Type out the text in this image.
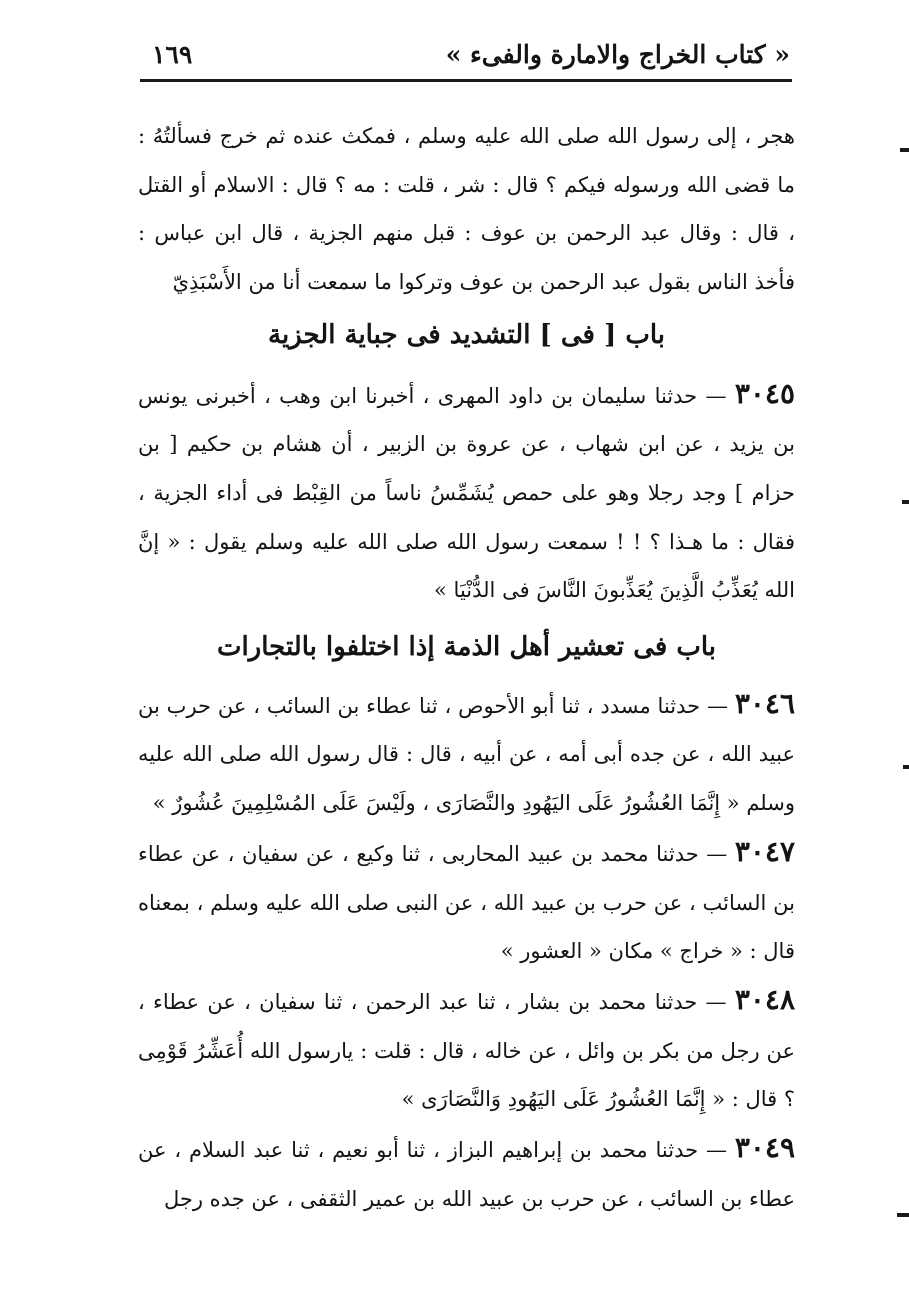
« كتاب الخراج والامارة والفىء »
١٦٩

هجر ، إلى رسول الله صلى الله عليه وسلم ، فمكث عنده ثم خرج فسألتُهُ : ما قضى الله ورسوله فيكم ؟ قال : شر ، قلت : مه ؟ قال : الاسلام أو القتل ، قال : وقال عبد الرحمن بن عوف : قبل منهم الجزية ، قال ابن عباس : فأخذ الناس بقول عبد الرحمن بن عوف وتركوا ما سمعت أنا من الأَسْبَذِيّ

باب [ فى ] التشديد فى جباية الجزية

٣٠٤٥ — حدثنا سليمان بن داود المهرى ، أخبرنا ابن وهب ، أخبرنى يونس بن يزيد ، عن ابن شهاب ، عن عروة بن الزبير ، أن هشام بن حكيم [ بن حزام ] وجد رجلا وهو على حمص يُشَمِّسُ ناساً من القِبْط فى أداء الجزية ، فقال : ما هـذا ؟ ! ! سمعت رسول الله صلى الله عليه وسلم يقول : « إنَّ الله يُعَذِّبُ الَّذِينَ يُعَذِّبونَ النَّاسَ فى الدُّنْيَا »

باب فى تعشير أهل الذمة إذا اختلفوا بالتجارات

٣٠٤٦ — حدثنا مسدد ، ثنا أبو الأحوص ، ثنا عطاء بن السائب ، عن حرب بن عبيد الله ، عن جده أبى أمه ، عن أبيه ، قال : قال رسول الله صلى الله عليه وسلم « إِنَّمَا العُشُورُ عَلَى اليَهُودِ والنَّصَارَى ، ولَيْسَ عَلَى المُسْلِمِينَ عُشُورٌ »

٣٠٤٧ — حدثنا محمد بن عبيد المحاربى ، ثنا وكيع ، عن سفيان ، عن عطاء بن السائب ، عن حرب بن عبيد الله ، عن النبى صلى الله عليه وسلم ، بمعناه قال : « خراج » مكان « العشور »

٣٠٤٨ — حدثنا محمد بن بشار ، ثنا عبد الرحمن ، ثنا سفيان ، عن عطاء ، عن رجل من بكر بن وائل ، عن خاله ، قال : قلت : يارسول الله أُعَشِّرُ قَوْمِى ؟ قال : « إِنَّمَا العُشُورُ عَلَى اليَهُودِ وَالنَّصَارَى »

٣٠٤٩ — حدثنا محمد بن إبراهيم البزاز ، ثنا أبو نعيم ، ثنا عبد السلام ، عن عطاء بن السائب ، عن حرب بن عبيد الله بن عمير الثقفى ، عن جده رجل
